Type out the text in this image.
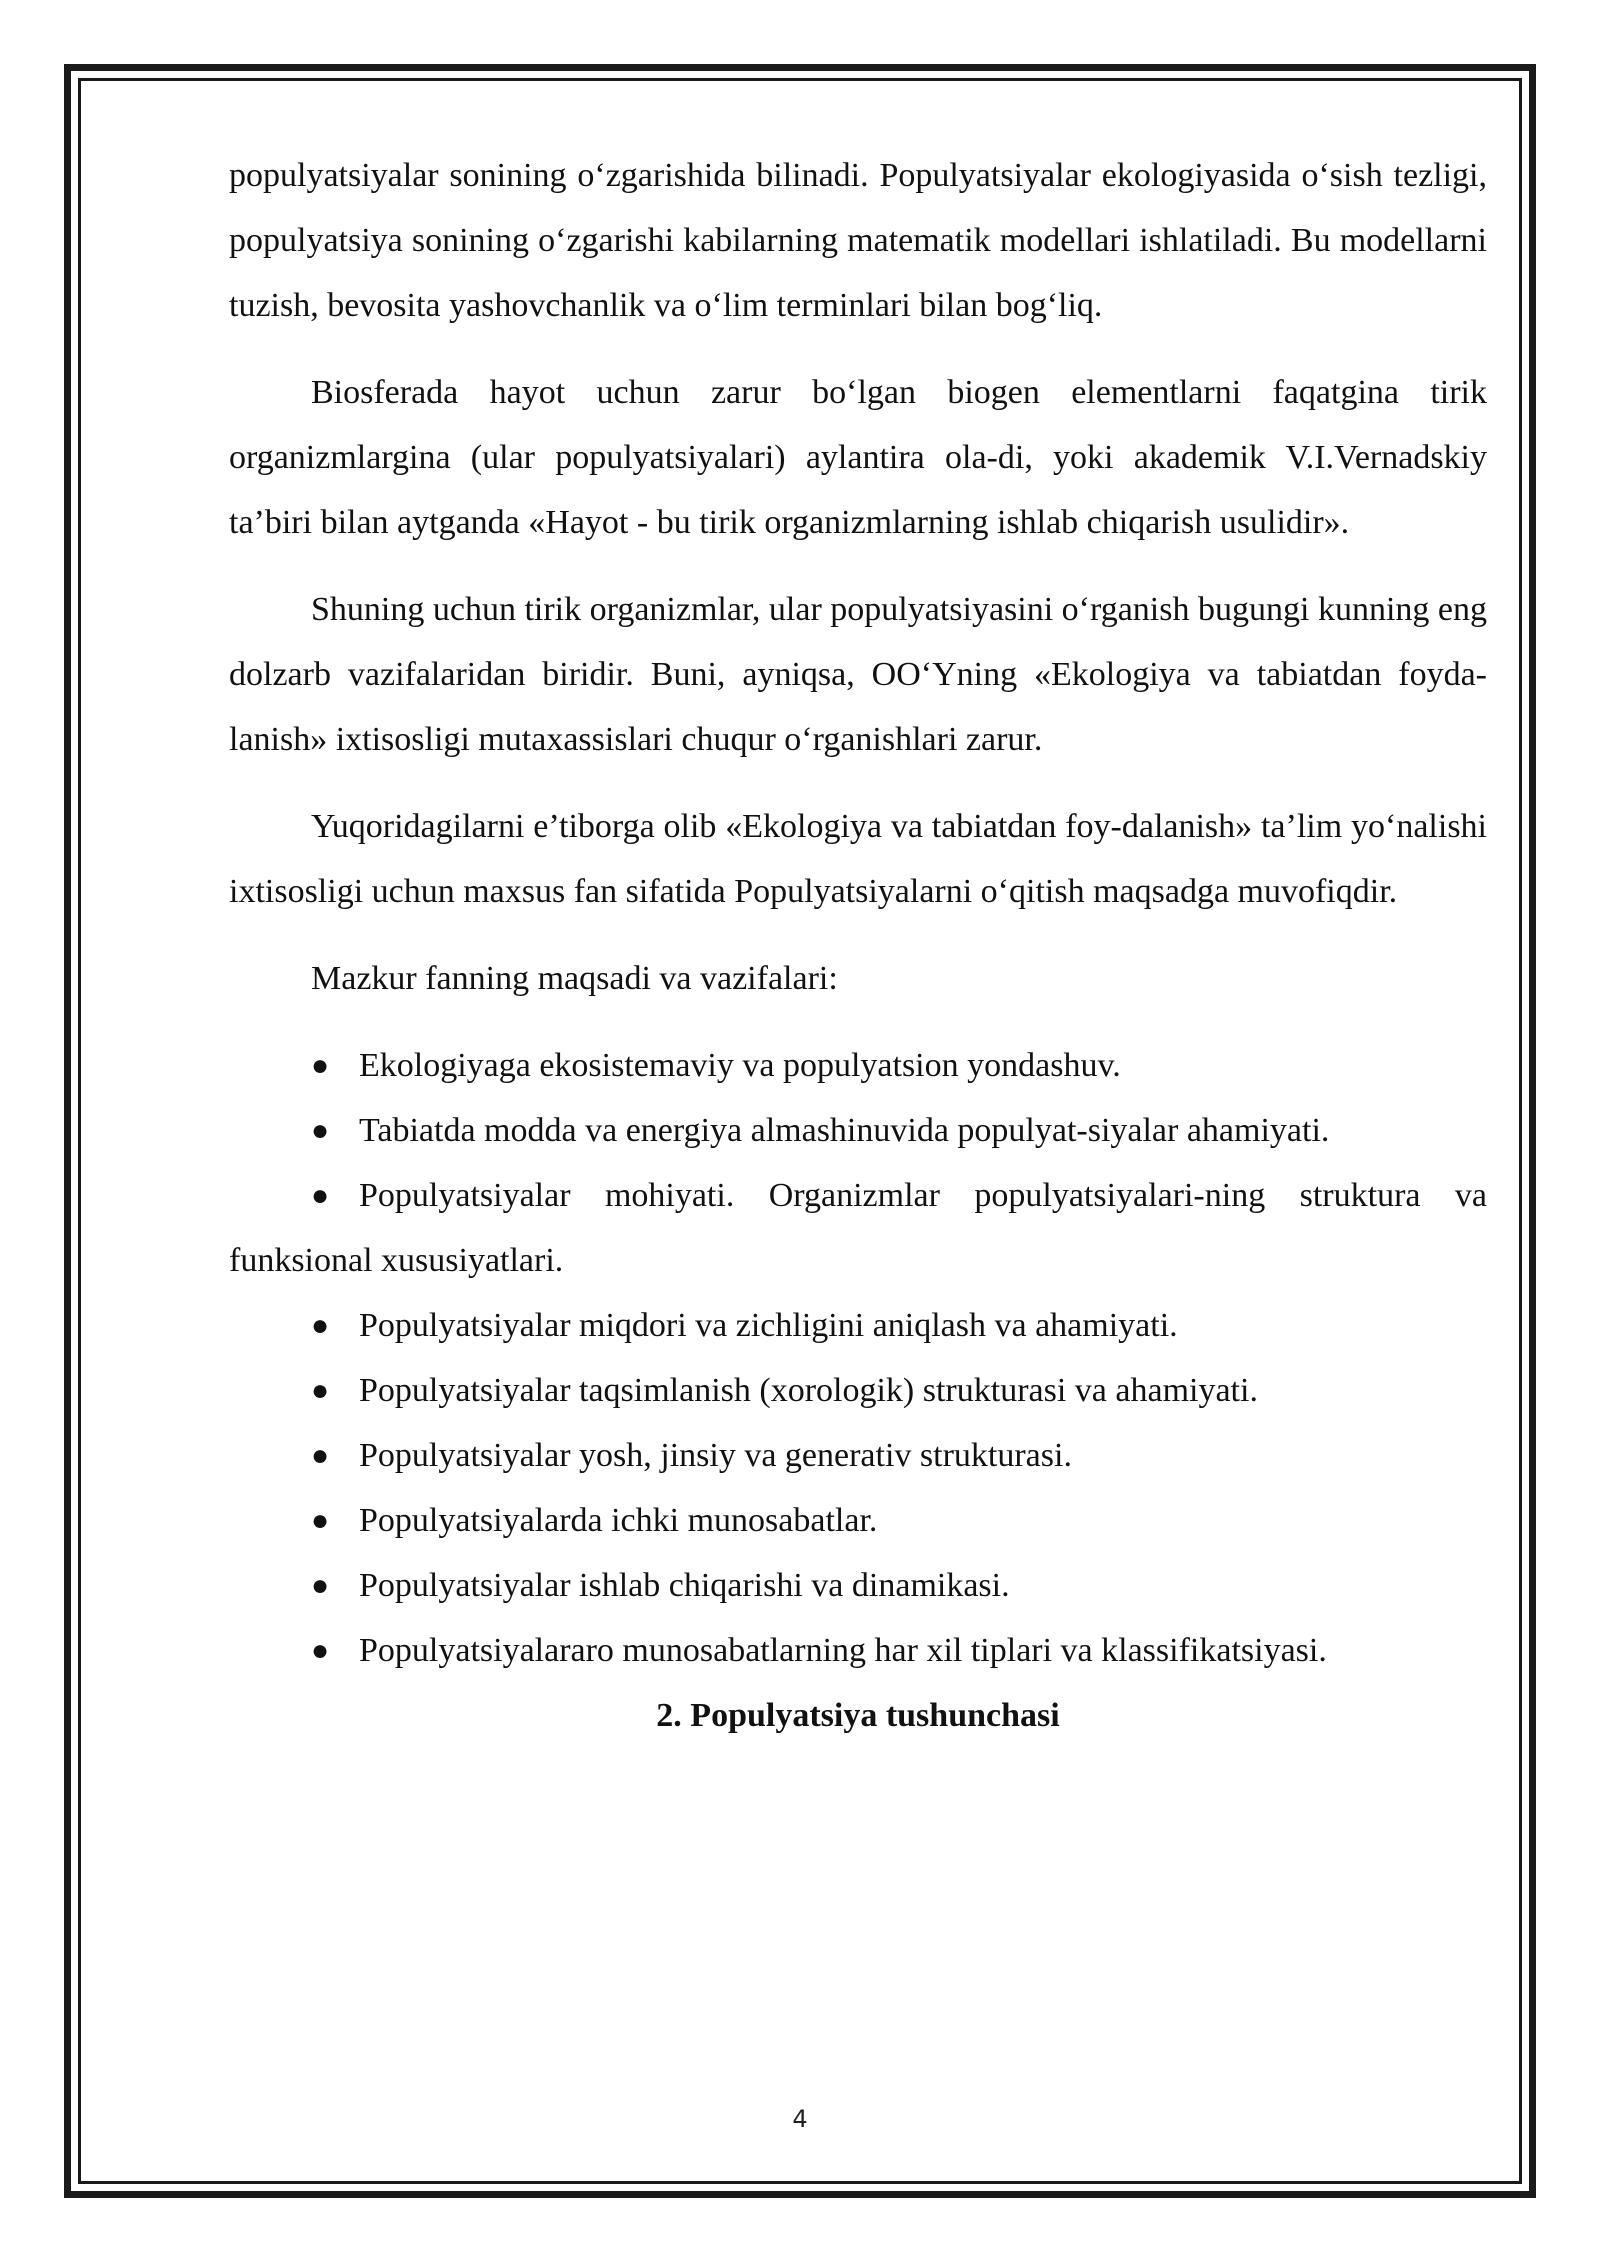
populyatsiyalar sonining o‘zgarishida bilinadi. Populyatsiyalar ekologiyasida o‘sish tezligi, populyatsiya sonining o‘zgarishi kabilarning matematik modellari ishlatiladi. Bu modellarni tuzish, bevosita yashovchanlik va o‘lim terminlari bilan bog‘liq.

Biosferada hayot uchun zarur bo‘lgan biogen elementlarni faqatgina tirik organizmlargina (ular populyatsiyalari) aylantira ola-di, yoki akademik V.I.Vernadskiy ta’biri bilan aytganda «Hayot - bu tirik organizmlarning ishlab chiqarish usulidir».

Shuning uchun tirik organizmlar, ular populyatsiyasini o‘rganish bugungi kunning eng dolzarb vazifalaridan biridir. Buni, ayniqsa, OO‘Yning «Ekologiya va tabiatdan foyda-lanish» ixtisosligi mutaxassislari chuqur o‘rganishlari zarur.

Yuqoridagilarni e’tiborga olib «Ekologiya va tabiatdan foy-dalanish» ta’lim yo‘nalishi ixtisosligi uchun maxsus fan sifatida Populyatsiyalarni o‘qitish maqsadga muvofiqdir.

Mazkur fanning maqsadi va vazifalari:

● Ekologiyaga ekosistemaviy va populyatsion yondashuv.
● Tabiatda modda va energiya almashinuvida populyat-siyalar ahamiyati.
● Populyatsiyalar mohiyati. Organizmlar populyatsiyalari-ning struktura va funksional xususiyatlari.
● Populyatsiyalar miqdori va zichligini aniqlash va ahamiyati.
● Populyatsiyalar taqsimlanish (xorologik) strukturasi va ahamiyati.
● Populyatsiyalar yosh, jinsiy va generativ strukturasi.
● Populyatsiyalarda ichki munosabatlar.
● Populyatsiyalar ishlab chiqarishi va dinamikasi.
● Populyatsiyalararo munosabatlarning har xil tiplari va klassifikatsiyasi.
2. Populyatsiya tushunchasi
4
